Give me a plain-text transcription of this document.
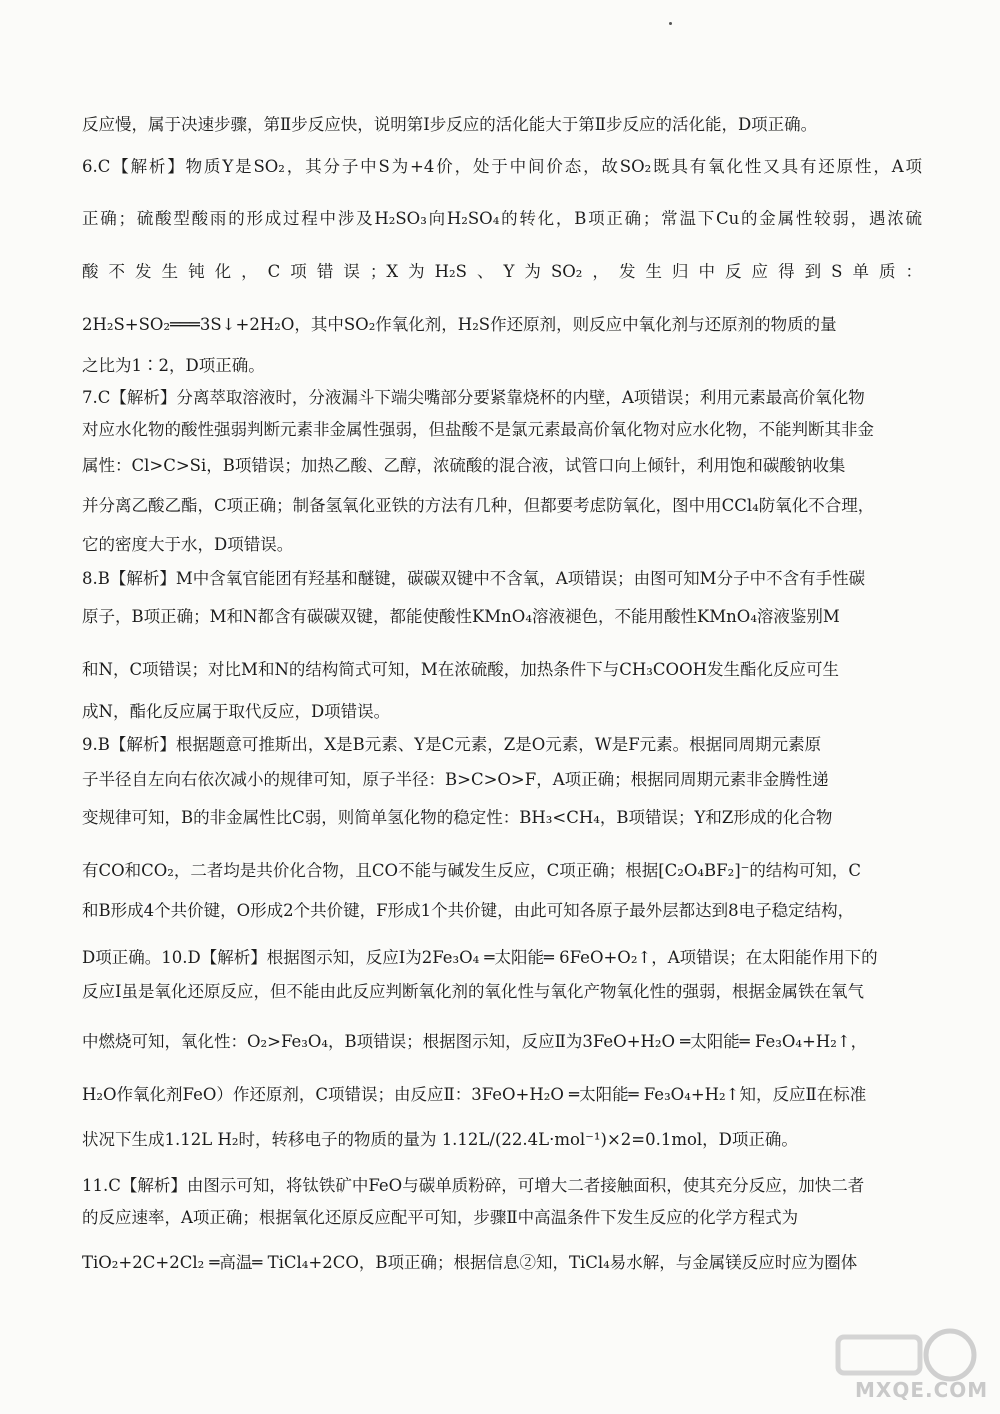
反应慢，属于决速步骤，第Ⅱ步反应快，说明第Ⅰ步反应的活化能大于第Ⅱ步反应的活化能，D项正确。
6.C【解析】物质Y是SO₂，其分子中S为+4价，处于中间价态，故SO₂既具有氧化性又具有还原性，A项
正确；硫酸型酸雨的形成过程中涉及H₂SO₃向H₂SO₄的转化，B项正确；常温下Cu的金属性较弱，遇浓硫
酸不发生钝化，C项错误；X为H₂S、Y为SO₂，发生归中反应得到S单质：
2H₂S+SO₂═══3S↓+2H₂O，其中SO₂作氧化剂，H₂S作还原剂，则反应中氧化剂与还原剂的物质的量
之比为1∶2，D项正确。
7.C【解析】分离萃取溶液时，分液漏斗下端尖嘴部分要紧靠烧杯的内壁，A项错误；利用元素最高价氧化物
对应水化物的酸性强弱判断元素非金属性强弱，但盐酸不是氯元素最高价氧化物对应水化物，不能判断其非金
属性：Cl>C>Si，B项错误；加热乙酸、乙醇，浓硫酸的混合液，试管口向上倾针，利用饱和碳酸钠收集
并分离乙酸乙酯，C项正确；制备氢氧化亚铁的方法有几种，但都要考虑防氧化，图中用CCl₄防氧化不合理，
它的密度大于水，D项错误。
8.B【解析】M中含氧官能团有羟基和醚键，碳碳双键中不含氧，A项错误；由图可知M分子中不含有手性碳
原子，B项正确；M和N都含有碳碳双键，都能使酸性KMnO₄溶液褪色，不能用酸性KMnO₄溶液鉴别M
和N，C项错误；对比M和N的结构简式可知，M在浓硫酸，加热条件下与CH₃COOH发生酯化反应可生
成N，酯化反应属于取代反应，D项错误。
9.B【解析】根据题意可推斯出，X是B元素、Y是C元素，Z是O元素，W是F元素。根据同周期元素原
子半径自左向右依次减小的规律可知，原子半径：B>C>O>F，A项正确；根据同周期元素非金腾性递
变规律可知，B的非金属性比C弱，则简单氢化物的稳定性：BH₃<CH₄，B项错误；Y和Z形成的化合物
有CO和CO₂，二者均是共价化合物，且CO不能与碱发生反应，C项正确；根据[C₂O₄BF₂]⁻的结构可知，C
和B形成4个共价键，O形成2个共价键，F形成1个共价键，由此可知各原子最外层都达到8电子稳定结构，
D项正确。10.D【解析】根据图示知，反应Ⅰ为2Fe₃O₄ ═太阳能═ 6FeO+O₂↑，A项错误；在太阳能作用下的
反应Ⅰ虽是氧化还原反应，但不能由此反应判断氧化剂的氧化性与氧化产物氧化性的强弱，根据金属铁在氧气
中燃烧可知，氧化性：O₂>Fe₃O₄，B项错误；根据图示知，反应Ⅱ为3FeO+H₂O ═太阳能═ Fe₃O₄+H₂↑，
H₂O作氧化剂FeO）作还原剂，C项错误；由反应Ⅱ：3FeO+H₂O ═太阳能═ Fe₃O₄+H₂↑知，反应Ⅱ在标准
状况下生成1.12L H₂时，转移电子的物质的量为 1.12L/(22.4L·mol⁻¹)×2=0.1mol，D项正确。
11.C【解析】由图示可知，将钛铁矿中FeO与碳单质粉碎，可增大二者接触面积，使其充分反应，加快二者
的反应速率，A项正确；根据氧化还原反应配平可知，步骤Ⅱ中高温条件下发生反应的化学方程式为
TiO₂+2C+2Cl₂ ═高温═ TiCl₄+2CO，B项正确；根据信息②知，TiCl₄易水解，与金属镁反应时应为圈体
MXQE.COM
